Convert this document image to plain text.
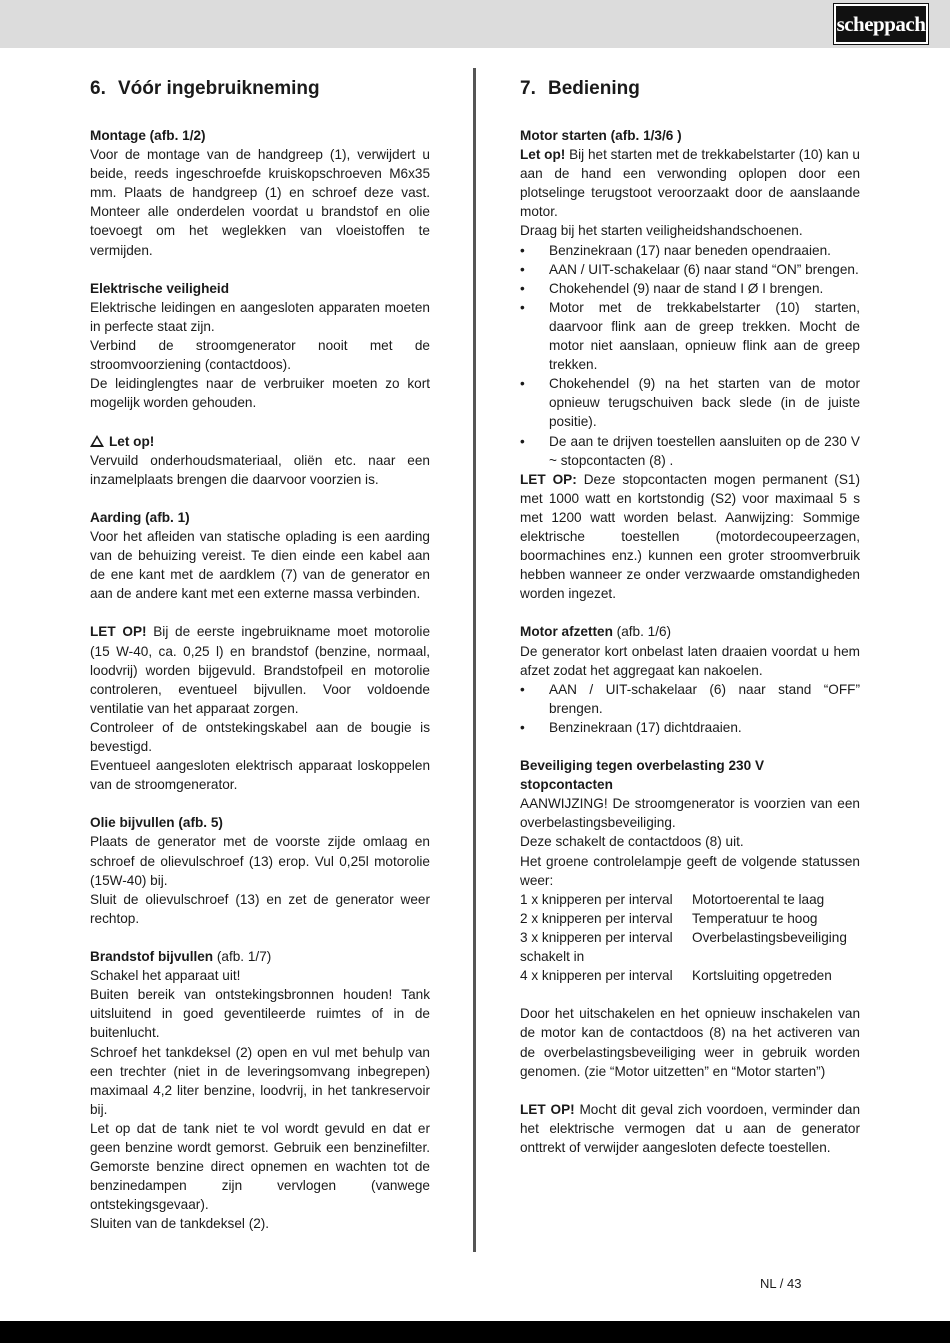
scheppach
6. Vóór ingebruikneming

Montage (afb. 1/2)

Voor de montage van de handgreep (1), verwijdert u beide, reeds ingeschroefde kruiskopschroeven M6x35 mm. Plaats de handgreep (1) en schroef deze vast. Monteer alle onderdelen voordat u brandstof en olie toevoegt om het weglekken van vloeistoffen te vermijden.

Elektrische veiligheid

Elektrische leidingen en aangesloten apparaten moeten in perfecte staat zijn.

Verbind de stroomgenerator nooit met de stroomvoorziening (contactdoos).

De leidinglengtes naar de verbruiker moeten zo kort mogelijk worden gehouden.

Let op!

Vervuild onderhoudsmateriaal, oliën etc. naar een inzamelplaats brengen die daarvoor voorzien is.

Aarding (afb. 1)

Voor het afleiden van statische oplading is een aarding van de behuizing vereist. Te dien einde een kabel aan de ene kant met de aardklem (7) van de generator en aan de andere kant met een externe massa verbinden.

LET OP! Bij de eerste ingebruikname moet motorolie (15 W-40, ca. 0,25 l) en brandstof (benzine, normaal, loodvrij) worden bijgevuld. Brandstofpeil en motorolie controleren, eventueel bijvullen. Voor voldoende ventilatie van het apparaat zorgen.

Controleer of de ontstekingskabel aan de bougie is bevestigd.

Eventueel aangesloten elektrisch apparaat loskoppelen van de stroomgenerator.

Olie bijvullen (afb. 5)

Plaats de generator met de voorste zijde omlaag en schroef de olievulschroef (13) erop. Vul 0,25l motorolie (15W-40) bij.

Sluit de olievulschroef (13) en zet de generator weer rechtop.

Brandstof bijvullen (afb. 1/7)

Schakel het apparaat uit!

Buiten bereik van ontstekingsbronnen houden! Tank uitsluitend in goed geventileerde ruimtes of in de buitenlucht.

Schroef het tankdeksel (2) open en vul met behulp van een trechter (niet in de leveringsomvang inbegrepen) maximaal 4,2 liter benzine, loodvrij, in het tankreservoir bij.

Let op dat de tank niet te vol wordt gevuld en dat er geen benzine wordt gemorst. Gebruik een benzinefilter. Gemorste benzine direct opnemen en wachten tot de benzinedampen zijn vervlogen (vanwege ontstekingsgevaar).

Sluiten van de tankdeksel (2).

7. Bediening

Motor starten (afb. 1/3/6 )

Let op! Bij het starten met de trekkabelstarter (10) kan u aan de hand een verwonding oplopen door een plotselinge terugstoot veroorzaakt door de aanslaande motor.

Draag bij het starten veiligheidshandschoenen.

• Benzinekraan (17) naar beneden opendraaien.
• AAN / UIT-schakelaar (6) naar stand “ON” brengen.
• Chokehendel (9) naar de stand I Ø I brengen.
• Motor met de trekkabelstarter (10) starten, daarvoor flink aan de greep trekken. Mocht de motor niet aanslaan, opnieuw flink aan de greep trekken.
• Chokehendel (9) na het starten van de motor opnieuw terugschuiven back slede (in de juiste positie).
• De aan te drijven toestellen aansluiten op de 230 V ~ stopcontacten (8) .

LET OP: Deze stopcontacten mogen permanent (S1) met 1000 watt en kortstondig (S2) voor maximaal 5 s met 1200 watt worden belast. Aanwijzing: Sommige elektrische toestellen (motordecoupeerzagen, boormachines enz.) kunnen een groter stroomverbruik hebben wanneer ze onder verzwaarde omstandigheden worden ingezet.

Motor afzetten (afb. 1/6)

De generator kort onbelast laten draaien voordat u hem afzet zodat het aggregaat kan nakoelen.

• AAN / UIT-schakelaar (6) naar stand “OFF” brengen.
• Benzinekraan (17) dichtdraaien.

Beveiliging tegen overbelasting 230 V stopcontacten

AANWIJZING! De stroomgenerator is voorzien van een overbelastingsbeveiliging.

Deze schakelt de contactdoos (8) uit.

Het groene controlelampje geeft de volgende statussen weer:

1 x knipperen per interval	Motortoerental te laag
2 x knipperen per interval	Temperatuur te hoog
3 x knipperen per interval	Overbelastingsbeveiliging

schakelt in

4 x knipperen per interval	Kortsluiting opgetreden

Door het uitschakelen en het opnieuw inschakelen van de motor kan de contactdoos (8) na het activeren van de overbelastingsbeveiliging weer in gebruik worden genomen. (zie “Motor uitzetten” en “Motor starten”)

LET OP! Mocht dit geval zich voordoen, verminder dan het elektrische vermogen dat u aan de generator onttrekt of verwijder aangesloten defecte toestellen.

NL / 43
